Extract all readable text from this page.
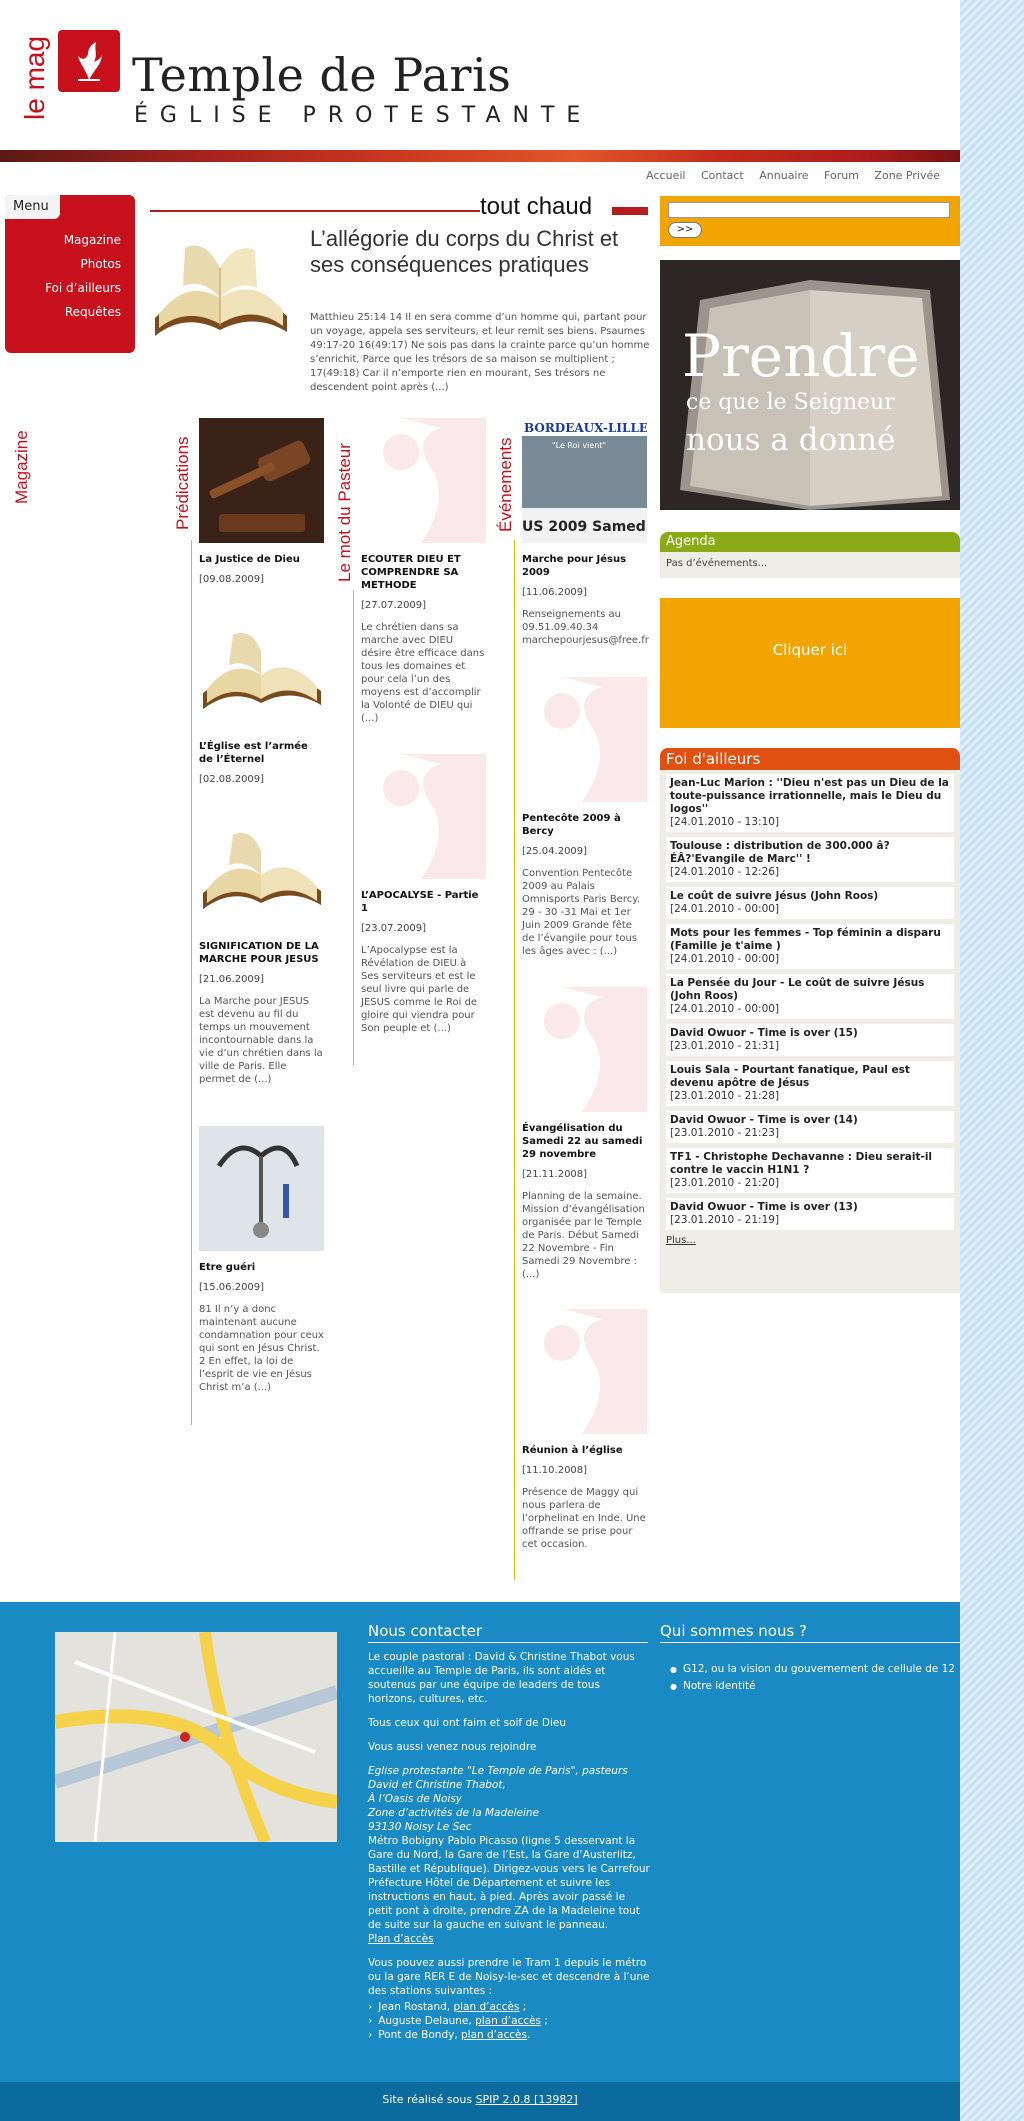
le mag Temple de Paris
ÉGLISE PROTESTANTE
Accueil Contact Annuaire Forum Zone Privée
Menu
Magazine
Photos
Foi d’ailleurs
Requêtes
tout chaud
L’allégorie du corps du Christ et ses conséquences pratiques
Matthieu 25:14 14 Il en sera comme d’un homme qui, partant pour un voyage, appela ses serviteurs, et leur remit ses biens. Psaumes 49:17-20 16(49:17) Ne sois pas dans la crainte parce qu’un homme s’enrichit, Parce que les trésors de sa maison se multiplient ; 17(49:18) Car il n’emporte rien en mourant, Ses trésors ne descendent point après (...)
>>
Prendre
ce que le Seigneur
nous a donné
Agenda
Pas d’événements...
Cliquer ici
Foi d'ailleurs
Jean-Luc Marion : ''Dieu n'est pas un Dieu de la toute-puissance irrationnelle, mais le Dieu du logos''
[24.01.2010 - 13:10]
Toulouse : distribution de 300.000 â?ÉÂ?'Evangile de Marc'' !
[24.01.2010 - 12:26]
Le coût de suivre Jésus (John Roos)
[24.01.2010 - 00:00]
Mots pour les femmes - Top féminin a disparu (Famille je t'aime )
[24.01.2010 - 00:00]
La Pensée du Jour - Le coût de suivre Jésus (John Roos)
[24.01.2010 - 00:00]
David Owuor - Time is over (15)
[23.01.2010 - 21:31]
Louis Sala - Pourtant fanatique, Paul est devenu apôtre de Jésus
[23.01.2010 - 21:28]
David Owuor - Time is over (14)
[23.01.2010 - 21:23]
TF1 - Christophe Dechavanne : Dieu serait-il contre le vaccin H1N1 ?
[23.01.2010 - 21:20]
David Owuor - Time is over (13)
[23.01.2010 - 21:19]
Plus...
Magazine	Prédications	Le mot du Pasteur	Événements
La Justice de Dieu
[09.08.2009]
L’Église est l’armée de l’Éternel
[02.08.2009]
SIGNIFICATION DE LA MARCHE POUR JESUS
[21.06.2009]
La Marche pour JESUS est devenu au fil du temps un mouvement incontournable dans la vie d’un chrétien dans la ville de Paris. Elle permet de (...)
Etre guéri
[15.06.2009]
81 Il n’y a donc maintenant aucune condamnation pour ceux qui sont en Jésus Christ. 2 En effet, la loi de l’esprit de vie en Jésus Christ m’a (...)
ECOUTER DIEU ET COMPRENDRE SA METHODE
[27.07.2009]
Le chrétien dans sa marche avec DIEU désire être efficace dans tous les domaines et pour cela l’un des moyens est d’accomplir la Volonté de DIEU qui (...)
L’APOCALYSE - Partie 1
[23.07.2009]
L’Apocalypse est la Révélation de DIEU à Ses serviteurs et est le seul livre qui parle de JESUS comme le Roi de gloire qui viendra pour Son peuple et (...)
BORDEAUX-LILLE-
"Le Roi vient"
US 2009 Samedi
Marche pour Jésus 2009
[11.06.2009]
Renseignements au 09.51.09.40.34 marchepourjesus@free.fr
Pentecôte 2009 à Bercy
[25.04.2009]
Convention Pentecôte 2009 au Palais Omnisports Paris Bercy. 29 - 30 -31 Mai et 1er Juin 2009 Grande fête de l’évangile pour tous les âges avec : (...)
Évangélisation du Samedi 22 au samedi 29 novembre
[21.11.2008]
Planning de la semaine. Mission d’évangélisation organisée par le Temple de Paris. Début Samedi 22 Novembre - Fin Samedi 29 Novembre : (...)
Réunion à l’église
[11.10.2008]
Présence de Maggy qui nous parlera de l’orphelinat en Inde. Une offrande se prise pour cet occasion.
Nous contacter

Le couple pastoral : David & Christine Thabot vous accueille au Temple de Paris, ils sont aidés et soutenus par une équipe de leaders de tous horizons, cultures, etc.

Tous ceux qui ont faim et soif de Dieu

Vous aussi venez nous rejoindre

Eglise protestante "Le Temple de Paris", pasteurs David et Christine Thabot,
À l’Oasis de Noisy
Zone d’activités de la Madeleine
93130 Noisy Le Sec
Métro Bobigny Pablo Picasso (ligne 5 desservant la Gare du Nord, la Gare de l’Est, la Gare d’Austerlitz, Bastille et République). Dirigez-vous vers le Carrefour Préfecture Hôtel de Département et suivre les instructions en haut, à pied. Après avoir passé le petit pont à droite, prendre ZA de la Madeleine tout de suite sur la gauche en suivant le panneau.

Plan d’accès

Vous pouvez aussi prendre le Tram 1 depuis le métro ou la gare RER E de Noisy-le-sec et descendre à l’une des stations suivantes :

› Jean Rostand, plan d’accès ;
› Auguste Delaune, plan d’accès ;
› Pont de Bondy, plan d’accès.
Qui sommes nous ?
● G12, ou la vision du gouvernement de cellule de 12
● Notre identité
Site réalisé sous SPIP 2.0.8 [13982]
